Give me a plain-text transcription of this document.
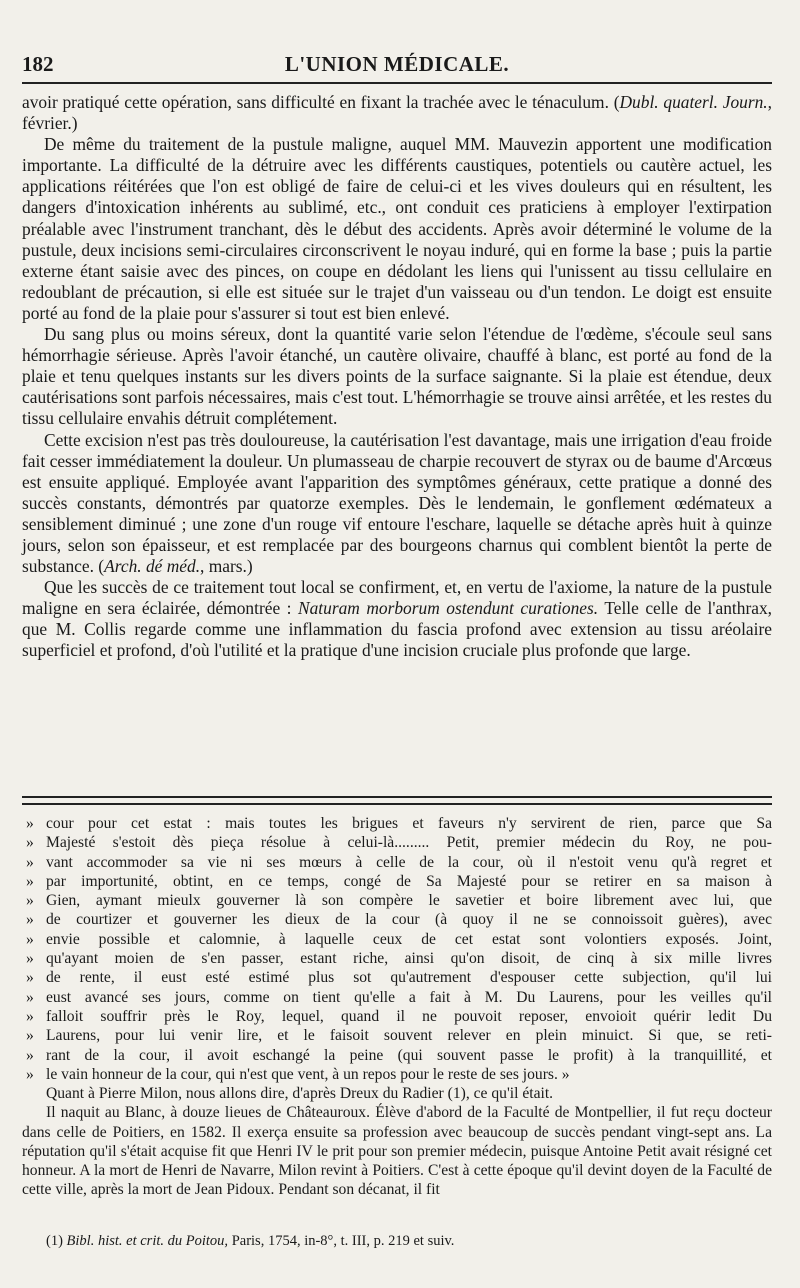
182	L'UNION MÉDICALE.

avoir pratiqué cette opération, sans difficulté en fixant la trachée avec le ténaculum. (Dubl. quaterl. Journ., février.)

De même du traitement de la pustule maligne, auquel MM. Mauvezin apportent une modification importante. La difficulté de la détruire avec les différents caustiques, potentiels ou cautère actuel, les applications réitérées que l'on est obligé de faire de celui-ci et les vives douleurs qui en résultent, les dangers d'intoxication inhérents au sublimé, etc., ont conduit ces praticiens à employer l'extirpation préalable avec l'instrument tranchant, dès le début des accidents. Après avoir déterminé le volume de la pustule, deux incisions semi-circulaires circonscrivent le noyau induré, qui en forme la base ; puis la partie externe étant saisie avec des pinces, on coupe en dédolant les liens qui l'unissent au tissu cellulaire en redoublant de précaution, si elle est située sur le trajet d'un vaisseau ou d'un tendon. Le doigt est ensuite porté au fond de la plaie pour s'assurer si tout est bien enlevé.

Du sang plus ou moins séreux, dont la quantité varie selon l'étendue de l'œdème, s'écoule seul sans hémorrhagie sérieuse. Après l'avoir étanché, un cautère olivaire, chauffé à blanc, est porté au fond de la plaie et tenu quelques instants sur les divers points de la surface saignante. Si la plaie est étendue, deux cautérisations sont parfois nécessaires, mais c'est tout. L'hémorrhagie se trouve ainsi arrêtée, et les restes du tissu cellulaire envahis détruit complétement.

Cette excision n'est pas très douloureuse, la cautérisation l'est davantage, mais une irrigation d'eau froide fait cesser immédiatement la douleur. Un plumasseau de charpie recouvert de styrax ou de baume d'Arcœus est ensuite appliqué. Employée avant l'apparition des symptômes généraux, cette pratique a donné des succès constants, démontrés par quatorze exemples. Dès le lendemain, le gonflement œdémateux a sensiblement diminué ; une zone d'un rouge vif entoure l'eschare, laquelle se détache après huit à quinze jours, selon son épaisseur, et est remplacée par des bourgeons charnus qui comblent bientôt la perte de substance. (Arch. dé méd., mars.)

Que les succès de ce traitement tout local se confirment, et, en vertu de l'axiome, la nature de la pustule maligne en sera éclairée, démontrée : Naturam morborum ostendunt curationes. Telle celle de l'anthrax, que M. Collis regarde comme une inflammation du fascia profond avec extension au tissu aréolaire superficiel et profond, d'où l'utilité et la pratique d'une incision cruciale plus profonde que large.

» cour pour cet estat : mais toutes les brigues et faveurs n'y servirent de rien, parce que Sa
» Majesté s'estoit dès pieça résolue à celui-là......... Petit, premier médecin du Roy, ne pou-
» vant accommoder sa vie ni ses mœurs à celle de la cour, où il n'estoit venu qu'à regret et
» par importunité, obtint, en ce temps, congé de Sa Majesté pour se retirer en sa maison à
» Gien, aymant mieulx gouverner là son compère le savetier et boire librement avec lui, que
» de courtizer et gouverner les dieux de la cour (à quoy il ne se connoissoit guères), avec
» envie possible et calomnie, à laquelle ceux de cet estat sont volontiers exposés. Joint,
» qu'ayant moien de s'en passer, estant riche, ainsi qu'on disoit, de cinq à six mille livres
» de rente, il eust esté estimé plus sot qu'autrement d'espouser cette subjection, qu'il lui
» eust avancé ses jours, comme on tient qu'elle a fait à M. Du Laurens, pour les veilles qu'il
» falloit souffrir près le Roy, lequel, quand il ne pouvoit reposer, envoioit quérir ledit Du
» Laurens, pour lui venir lire, et le faisoit souvent relever en plein minuict. Si que, se reti-
» rant de la cour, il avoit eschangé la peine (qui souvent passe le profit) à la tranquillité, et
» le vain honneur de la cour, qui n'est que vent, à un repos pour le reste de ses jours. »

Quant à Pierre Milon, nous allons dire, d'après Dreux du Radier (1), ce qu'il était.

Il naquit au Blanc, à douze lieues de Châteauroux. Élève d'abord de la Faculté de Montpellier, il fut reçu docteur dans celle de Poitiers, en 1582. Il exerça ensuite sa profession avec beaucoup de succès pendant vingt-sept ans. La réputation qu'il s'était acquise fit que Henri IV le prit pour son premier médecin, puisque Antoine Petit avait résigné cet honneur. A la mort de Henri de Navarre, Milon revint à Poitiers. C'est à cette époque qu'il devint doyen de la Faculté de cette ville, après la mort de Jean Pidoux. Pendant son décanat, il fit

(1) Bibl. hist. et crit. du Poitou, Paris, 1754, in-8°, t. III, p. 219 et suiv.
